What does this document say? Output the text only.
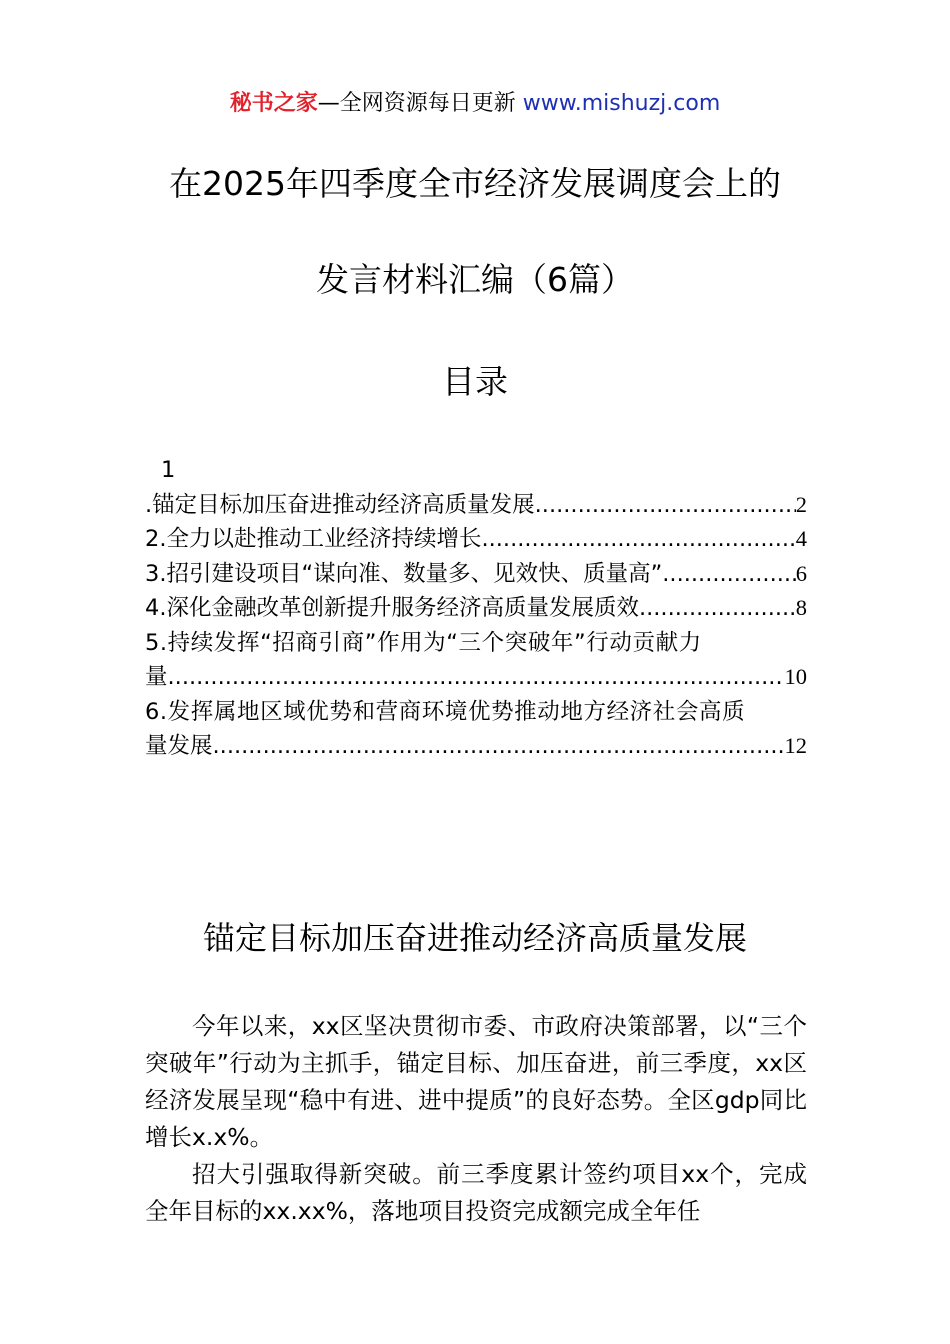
秘书之家—全网资源每日更新 www.mishuzj.com
在2025年四季度全市经济发展调度会上的
发言材料汇编（6篇）
目录
1
.锚定目标加压奋进推动经济高质量发展 .....	2
2.全力以赴推动工业经济持续增长 .....	4
3.招引建设项目“谋向准、数量多、见效快、质量高” .....	6
4.深化金融改革创新提升服务经济高质量发展质效 .....	8
5.持续发挥“招商引商”作用为“三个突破年”行动贡献力
量 .....	10
6.发挥属地区域优势和营商环境优势推动地方经济社会高质
量发展 .....	12
锚定目标加压奋进推动经济高质量发展

今年以来，xx区坚决贯彻市委、市政府决策部署，以“三个突破年”行动为主抓手，锚定目标、加压奋进，前三季度，xx区经济发展呈现“稳中有进、进中提质”的良好态势。全区gdp同比增长x.x%。

招大引强取得新突破。前三季度累计签约项目xx个，完成全年目标的xx.xx%，落地项目投资完成额完成全年任
